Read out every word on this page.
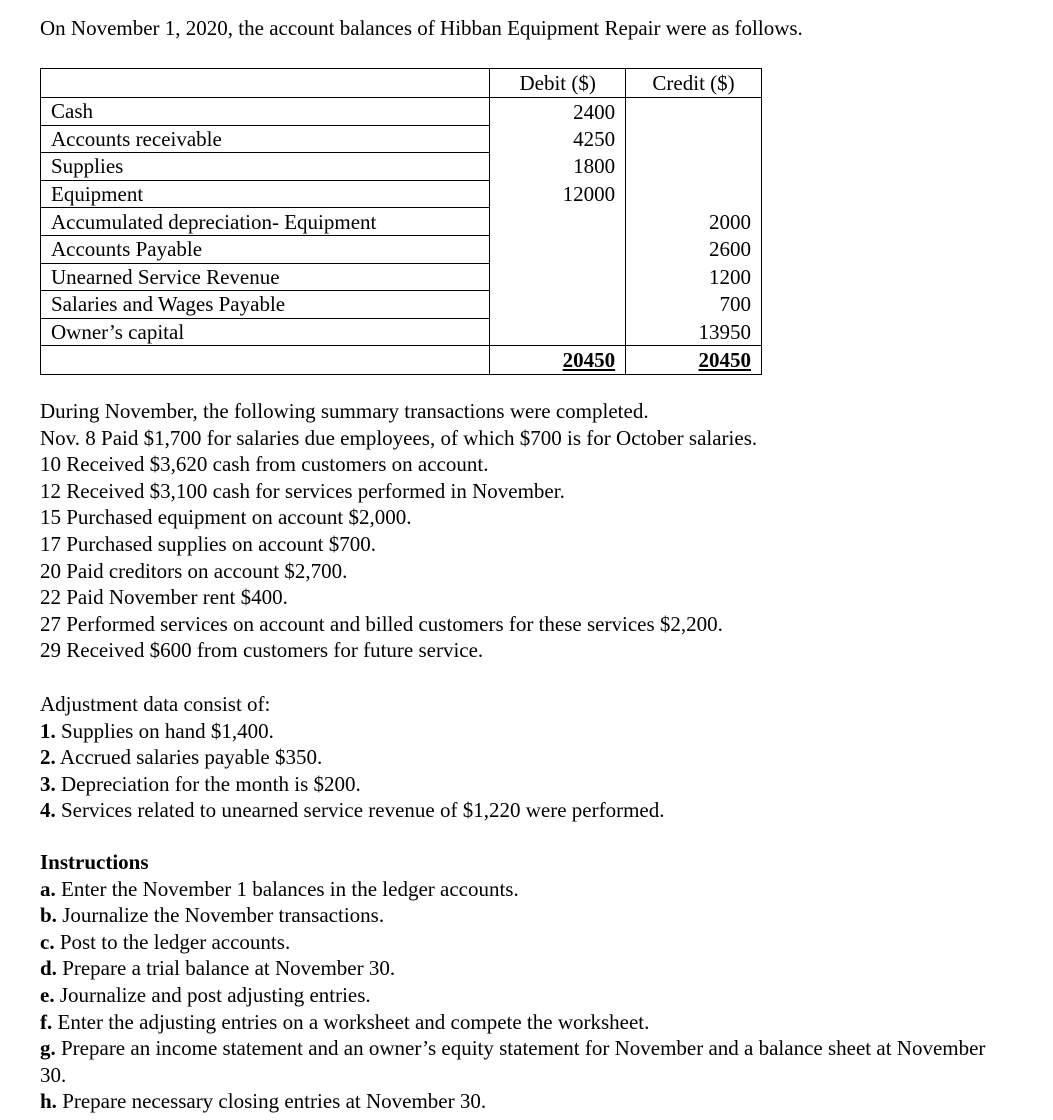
On November 1, 2020, the account balances of Hibban Equipment Repair were as follows.

	Debit ($)	Credit ($)
Cash	2400	
Accounts receivable	4250	
Supplies	1800	
Equipment	12000	
Accumulated depreciation- Equipment		2000
Accounts Payable		2600
Unearned Service Revenue		1200
Salaries and Wages Payable		700
Owner’s capital		13950
	20450	20450

During November, the following summary transactions were completed.

Nov. 8 Paid $1,700 for salaries due employees, of which $700 is for October salaries.

10 Received $3,620 cash from customers on account.

12 Received $3,100 cash for services performed in November.

15 Purchased equipment on account $2,000.

17 Purchased supplies on account $700.

20 Paid creditors on account $2,700.

22 Paid November rent $400.

27 Performed services on account and billed customers for these services $2,200.

29 Received $600 from customers for future service.

Adjustment data consist of:

1. Supplies on hand $1,400.

2. Accrued salaries payable $350.

3. Depreciation for the month is $200.

4. Services related to unearned service revenue of $1,220 were performed.

Instructions

a. Enter the November 1 balances in the ledger accounts.

b. Journalize the November transactions.

c. Post to the ledger accounts.

d. Prepare a trial balance at November 30.

e. Journalize and post adjusting entries.

f. Enter the adjusting entries on a worksheet and compete the worksheet.

g. Prepare an income statement and an owner’s equity statement for November and a balance sheet at November 30.

h. Prepare necessary closing entries at November 30.
